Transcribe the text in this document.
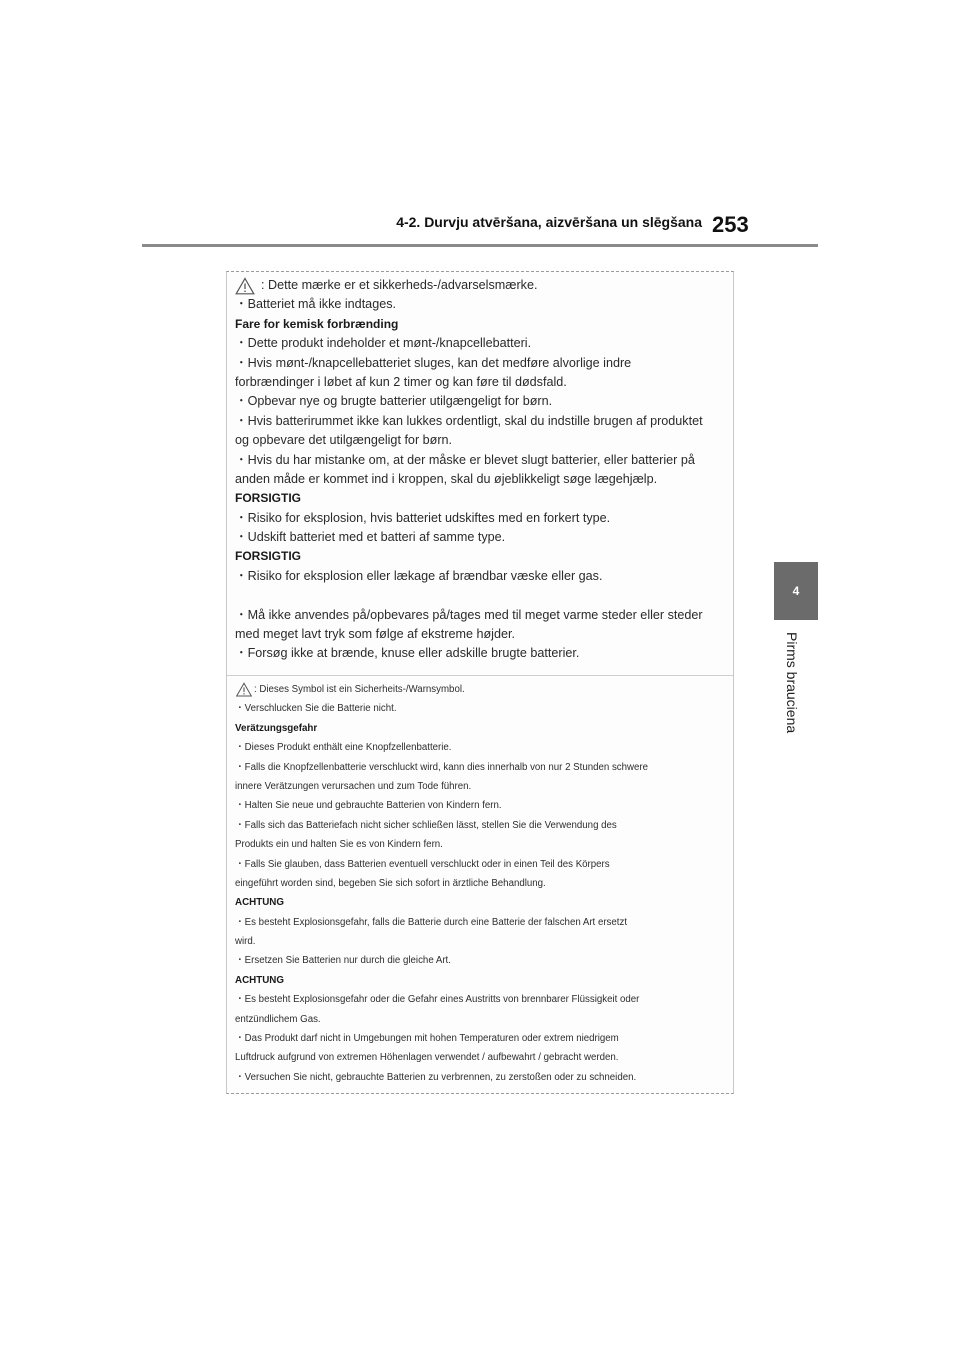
4-2. Durvju atvēršana, aizvēršana un slēgšana 253
4
Pirms brauciena
: Dette mærke er et sikkerheds-/advarselsmærke.
・Batteriet må ikke indtages.
Fare for kemisk forbrænding
・Dette produkt indeholder et mønt-/knapcellebatteri.
・Hvis mønt-/knapcellebatteriet sluges, kan det medføre alvorlige indre
forbrændinger i løbet af kun 2 timer og kan føre til dødsfald.
・Opbevar nye og brugte batterier utilgængeligt for børn.
・Hvis batterirummet ikke kan lukkes ordentligt, skal du indstille brugen af produktet
og opbevare det utilgængeligt for børn.
・Hvis du har mistanke om, at der måske er blevet slugt batterier, eller batterier på
anden måde er kommet ind i kroppen, skal du øjeblikkeligt søge lægehjælp.
FORSIGTIG
・Risiko for eksplosion, hvis batteriet udskiftes med en forkert type.
・Udskift batteriet med et batteri af samme type.
FORSIGTIG
・Risiko for eksplosion eller lækage af brændbar væske eller gas.
・Må ikke anvendes på/opbevares på/tages med til meget varme steder eller steder
med meget lavt tryk som følge af ekstreme højder.
・Forsøg ikke at brænde, knuse eller adskille brugte batterier.
: Dieses Symbol ist ein Sicherheits-/Warnsymbol.
・Verschlucken Sie die Batterie nicht.
Verätzungsgefahr
・Dieses Produkt enthält eine Knopfzellenbatterie.
・Falls die Knopfzellenbatterie verschluckt wird, kann dies innerhalb von nur 2 Stunden schwere
innere Verätzungen verursachen und zum Tode führen.
・Halten Sie neue und gebrauchte Batterien von Kindern fern.
・Falls sich das Batteriefach nicht sicher schließen lässt, stellen Sie die Verwendung des
Produkts ein und halten Sie es von Kindern fern.
・Falls Sie glauben, dass Batterien eventuell verschluckt oder in einen Teil des Körpers
eingeführt worden sind, begeben Sie sich sofort in ärztliche Behandlung.
ACHTUNG
・Es besteht Explosionsgefahr, falls die Batterie durch eine Batterie der falschen Art ersetzt
wird.
・Ersetzen Sie Batterien nur durch die gleiche Art.
ACHTUNG
・Es besteht Explosionsgefahr oder die Gefahr eines Austritts von brennbarer Flüssigkeit oder
entzündlichem Gas.
・Das Produkt darf nicht in Umgebungen mit hohen Temperaturen oder extrem niedrigem
Luftdruck aufgrund von extremen Höhenlagen verwendet / aufbewahrt / gebracht werden.
・Versuchen Sie nicht, gebrauchte Batterien zu verbrennen, zu zerstoßen oder zu schneiden.
